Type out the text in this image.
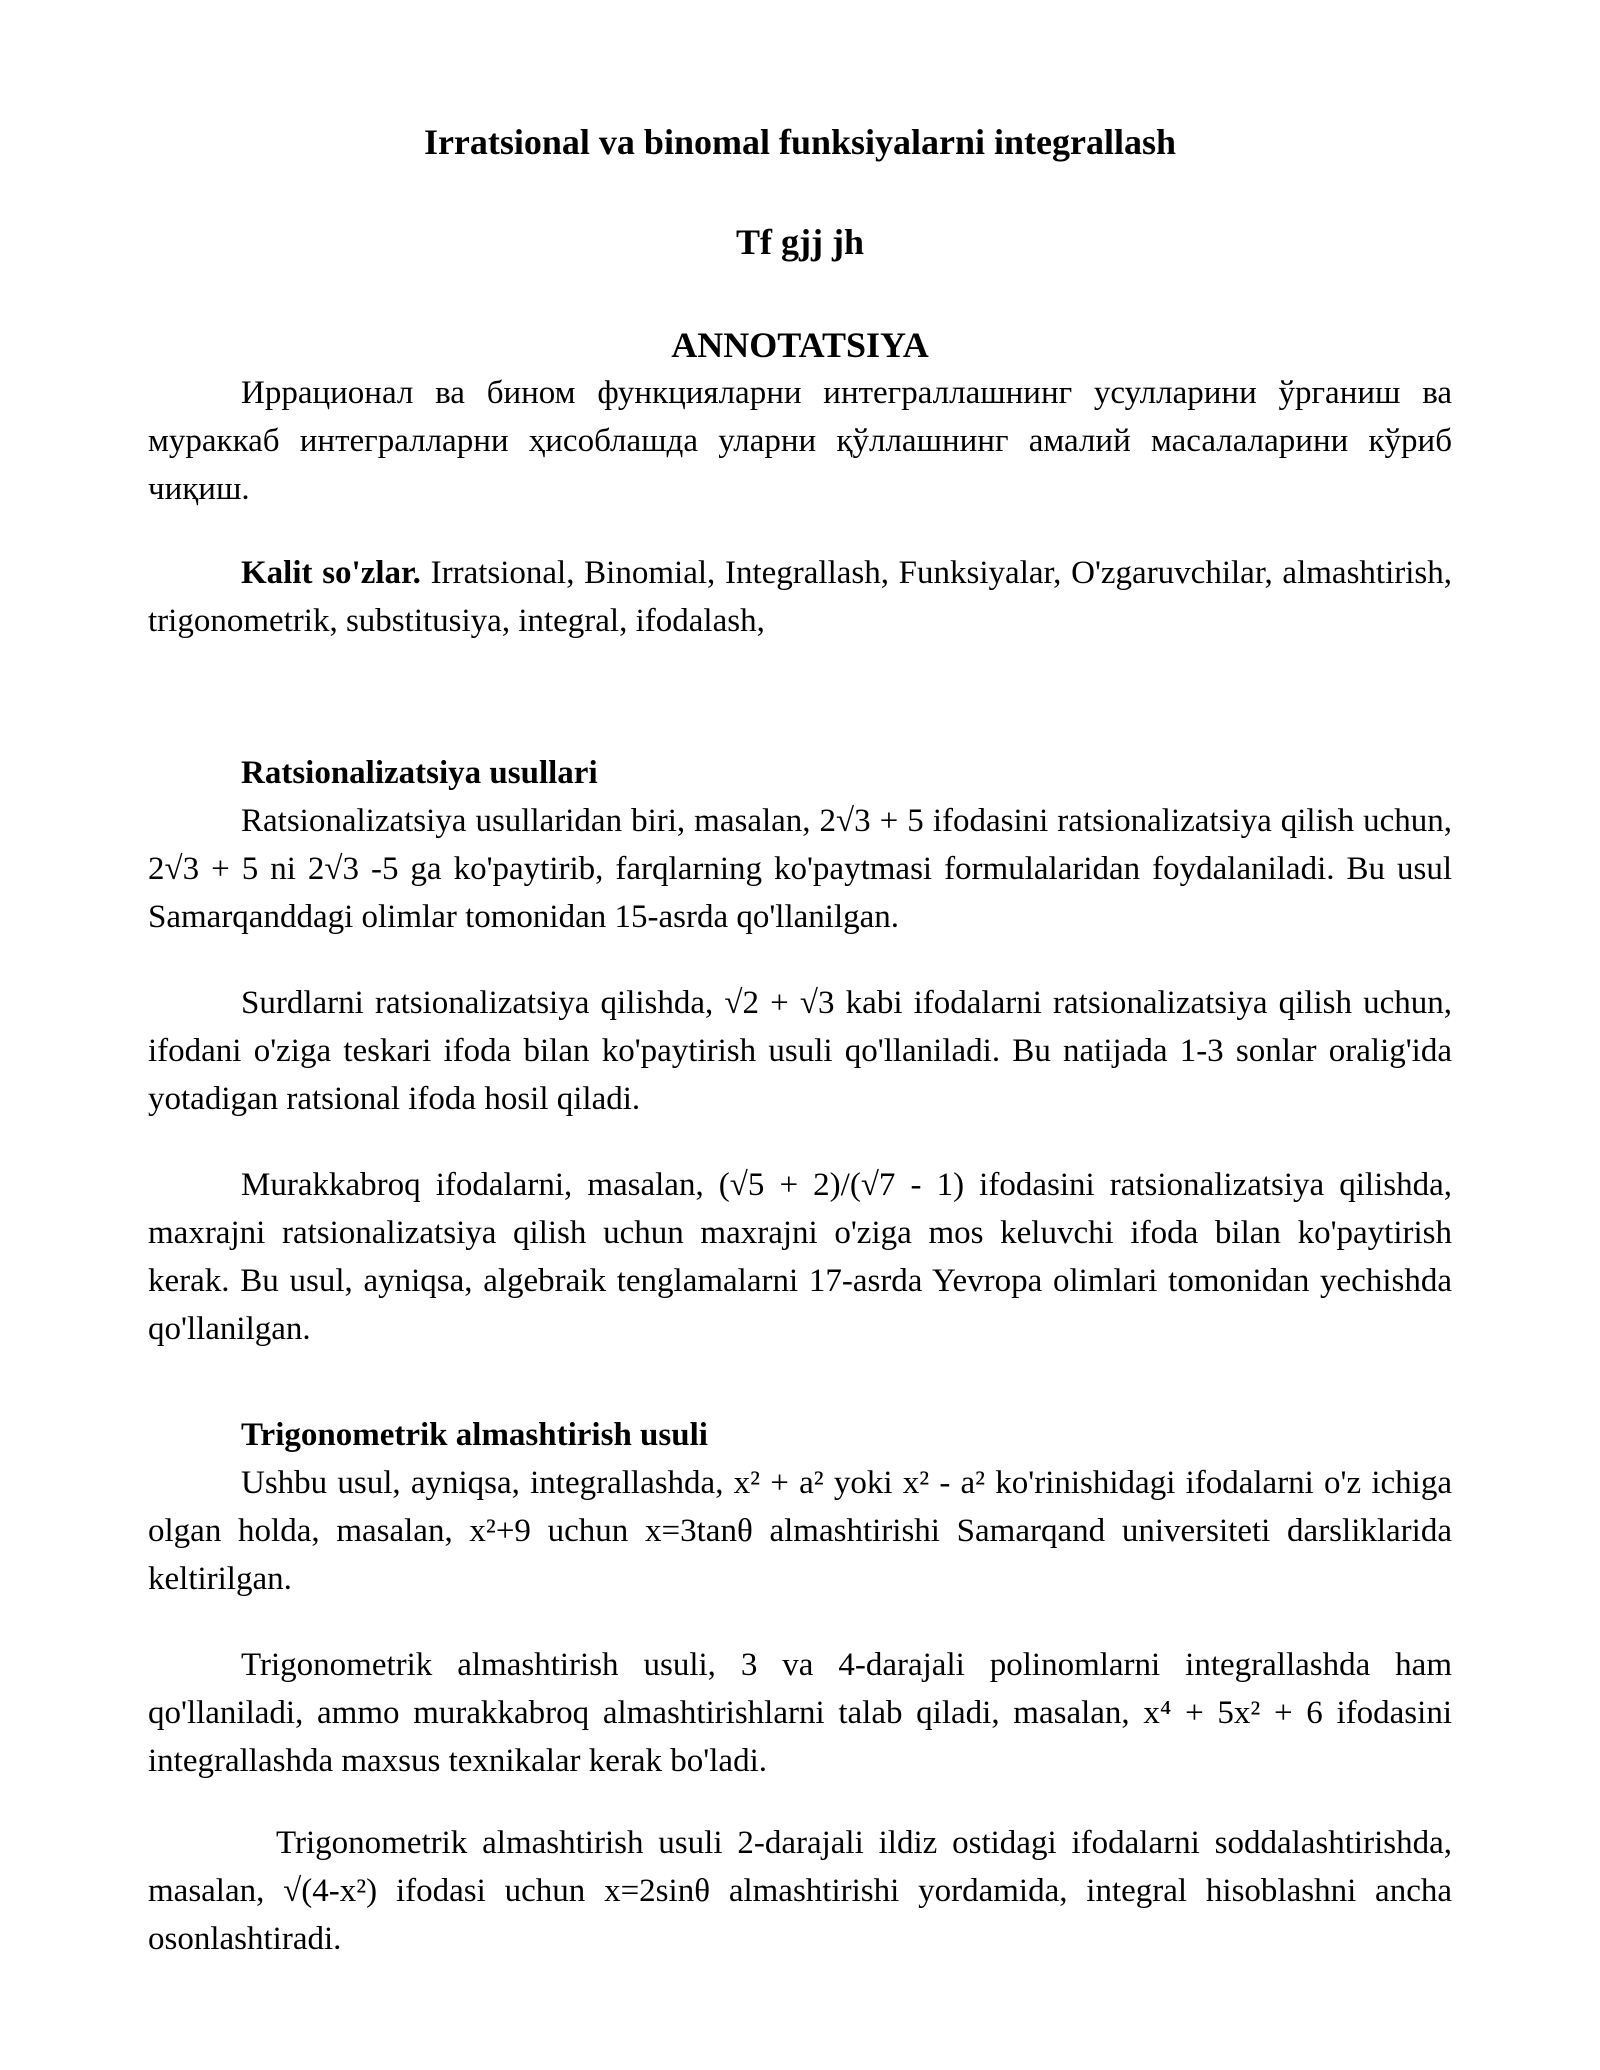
Irratsional va binomal funksiyalarni integrallash

Tf gjj jh

ANNOTATSIYA

Иррационал ва бином функцияларни интеграллашнинг усулларини ўрганиш ва мураккаб интегралларни ҳисоблашда уларни қўллашнинг амалий масалаларини кўриб чиқиш.

Kalit so'zlar. Irratsional, Binomial, Integrallash, Funksiyalar, O'zgaruvchilar, almashtirish, trigonometrik, substitusiya, integral, ifodalash,

Ratsionalizatsiya usullari

Ratsionalizatsiya usullaridan biri, masalan, 2√3 + 5 ifodasini ratsionalizatsiya qilish uchun, 2√3 + 5 ni 2√3 -5 ga ko'paytirib, farqlarning ko'paytmasi formulalaridan foydalaniladi. Bu usul Samarqanddagi olimlar tomonidan 15-asrda qo'llanilgan.

Surdlarni ratsionalizatsiya qilishda, √2 + √3 kabi ifodalarni ratsionalizatsiya qilish uchun, ifodani o'ziga teskari ifoda bilan ko'paytirish usuli qo'llaniladi. Bu natijada 1-3 sonlar oralig'ida yotadigan ratsional ifoda hosil qiladi.

Murakkabroq ifodalarni, masalan, (√5 + 2)/(√7 - 1) ifodasini ratsionalizatsiya qilishda, maxrajni ratsionalizatsiya qilish uchun maxrajni o'ziga mos keluvchi ifoda bilan ko'paytirish kerak. Bu usul, ayniqsa, algebraik tenglamalarni 17-asrda Yevropa olimlari tomonidan yechishda qo'llanilgan.

Trigonometrik almashtirish usuli

Ushbu usul, ayniqsa, integrallashda, x² + a² yoki x² - a² ko'rinishidagi ifodalarni o'z ichiga olgan holda, masalan, x²+9 uchun x=3tanθ almashtirishi Samarqand universiteti darsliklarida keltirilgan.

Trigonometrik almashtirish usuli, 3 va 4-darajali polinomlarni integrallashda ham qo'llaniladi, ammo murakkabroq almashtirishlarni talab qiladi, masalan, x⁴ + 5x² + 6 ifodasini integrallashda maxsus texnikalar kerak bo'ladi.

Trigonometrik almashtirish usuli 2-darajali ildiz ostidagi ifodalarni soddalashtirishda, masalan, √(4-x²) ifodasi uchun x=2sinθ almashtirishi yordamida, integral hisoblashni ancha osonlashtiradi.
